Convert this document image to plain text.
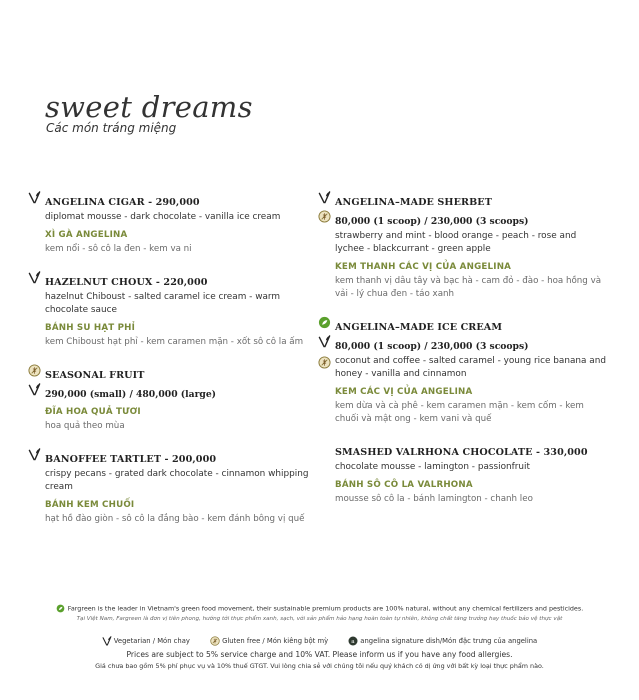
sweet dreams
Các món tráng miệng
ANGELINA CIGAR - 290,000
diplomat mousse - dark chocolate - vanilla ice cream
XÌ GÀ ANGELINA
kem nổi - sô cô la đen - kem va ni
HAZELNUT CHOUX - 220,000
hazelnut Chiboust - salted caramel ice cream - warm chocolate sauce
BÁNH SU HẠT PHỈ
kem Chiboust hạt phỉ - kem caramen mặn - xốt sô cô la ấm
SEASONAL FRUIT
290,000 (small) / 480,000 (large)
ĐĨA HOA QUẢ TƯƠI
hoa quả theo mùa
BANOFFEE TARTLET - 200,000
crispy pecans - grated dark chocolate - cinnamon whipping cream
BÁNH KEM CHUỐI
hạt hồ đào giòn - sô cô la đắng bào - kem đánh bông vị quế
ANGELINA–MADE SHERBET
80,000 (1 scoop) / 230,000 (3 scoops)
strawberry and mint - blood orange - peach - rose and lychee - blackcurrant - green apple
KEM THANH CÁC VỊ CỦA ANGELINA
kem thanh vị dâu tây và bạc hà - cam đỏ - đào - hoa hồng và vải - lý chua đen - táo xanh
ANGELINA–MADE ICE CREAM
80,000 (1 scoop) / 230,000 (3 scoops)
coconut and coffee - salted caramel - young rice banana and honey - vanilla and cinnamon
KEM CÁC VỊ CỦA ANGELINA
kem dừa và cà phê - kem caramen mặn - kem cốm - kem chuối và mật ong - kem vani và quế
SMASHED VALRHONA CHOCOLATE - 330,000
chocolate mousse - lamington - passionfruit
BÁNH SÔ CÔ LA VALRHONA
mousse sô cô la - bánh lamington - chanh leo
Fargreen is the leader in Vietnam's green food movement, their sustainable premium products are 100% natural, without any chemical fertilizers and pesticides.
Tại Việt Nam, Fargreen là đơn vị tiên phong, hướng tới thực phẩm xanh, sạch, với sản phẩm hảo hạng hoàn toàn tự nhiên, không chất tăng trưởng hay thuốc bảo vệ thực vật
Vegetarian / Món chay	Gluten free / Món kiêng bột mỳ	angelina signature dish/Món đặc trưng của angelina
Prices are subject to 5% service charge and 10% VAT. Please inform us if you have any food allergies.
Giá chưa bao gồm 5% phí phục vụ và 10% thuế GTGT. Vui lòng chia sẻ với chúng tôi nếu quý khách có dị ứng với bất kỳ loại thực phẩm nào.
